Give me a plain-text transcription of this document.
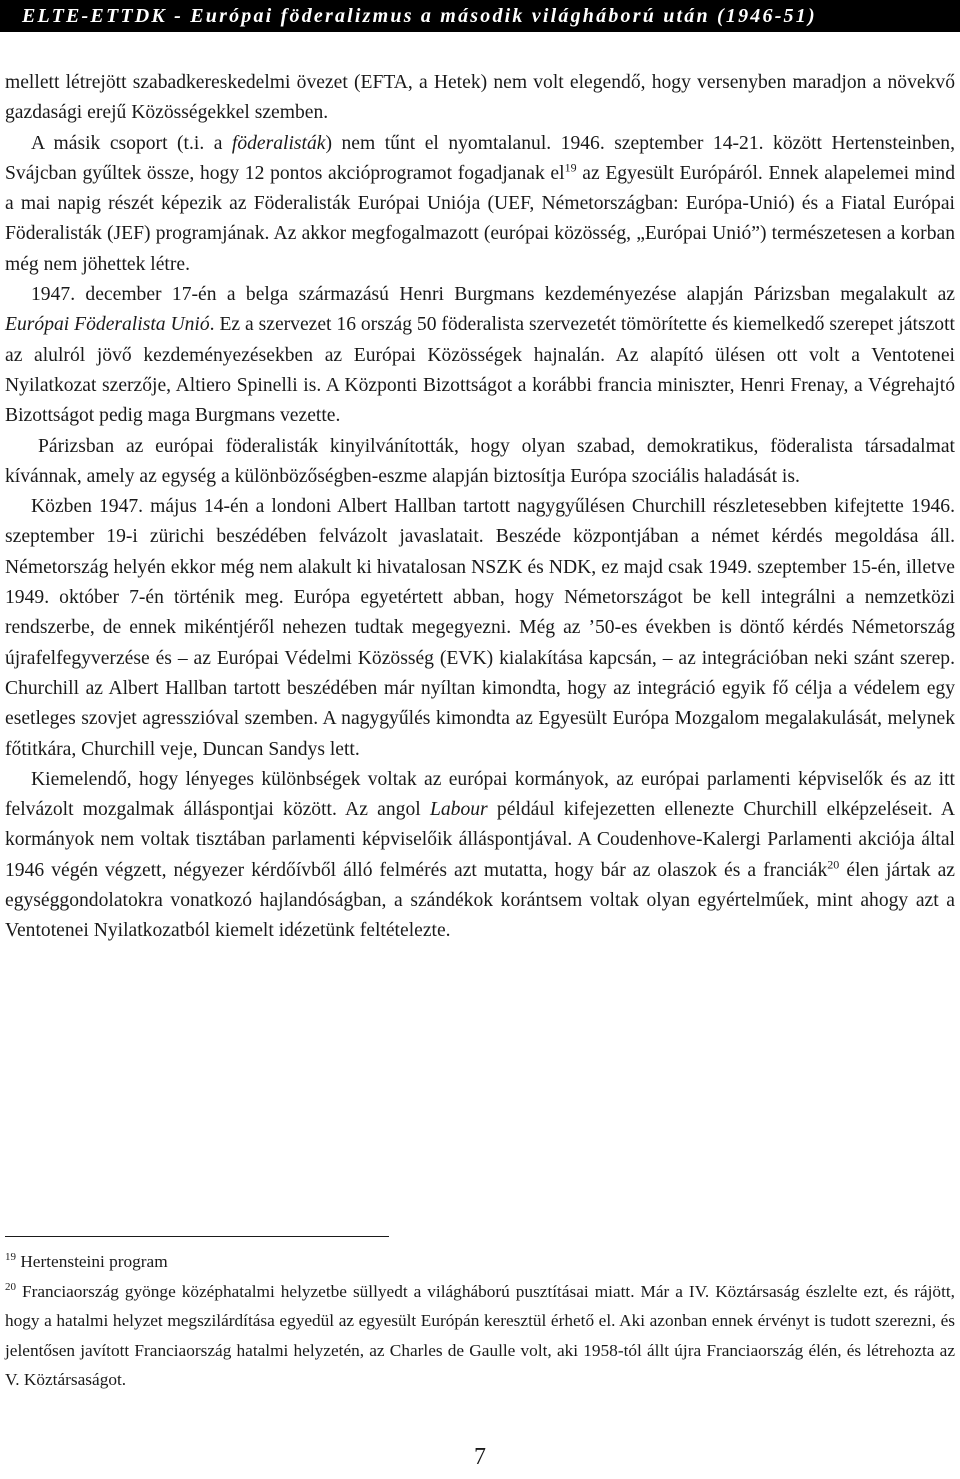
ELTE-ETTDK - Európai föderalizmus a második világháború után (1946-51)

mellett létrejött szabadkereskedelmi övezet (EFTA, a Hetek) nem volt elegendő, hogy versenyben maradjon a növekvő gazdasági erejű Közösségekkel szemben.

A másik csoport (t.i. a föderalisták) nem tűnt el nyomtalanul. 1946. szeptember 14-21. között Hertensteinben, Svájcban gyűltek össze, hogy 12 pontos akcióprogramot fogadjanak $el^{19}$ az Egyesült Európáról. Ennek alapelemei mind a mai napig részét képezik az Föderalisták Európai Uniója (UEF, Németországban: Európa-Unió) és a Fiatal Európai Föderalisták (JEF) programjának. Az akkor megfogalmazott (európai közösség, „Európai Unió”) természetesen a korban még nem jöhettek létre.

1947. december 17-én a belga származású Henri Burgmans kezdeményezése alapján Párizsban megalakult az Európai Föderalista Unió. Ez a szervezet 16 ország 50 föderalista szervezetét tömörítette és kiemelkedő szerepet játszott az alulról jövő kezdeményezésekben az Európai Közösségek hajnalán. Az alapító ülésen ott volt a Ventotenei Nyilatkozat szerzője, Altiero Spinelli is. A Központi Bizottságot a korábbi francia miniszter, Henri Frenay, a Végrehajtó Bizottságot pedig maga Burgmans vezette.

Párizsban az európai föderalisták kinyilvánították, hogy olyan szabad, demokratikus, föderalista társadalmat kívánnak, amely az egység a különbözőségben-eszme alapján biztosítja Európa szociális haladását is.

Közben 1947. május 14-én a londoni Albert Hallban tartott nagygyűlésen Churchill részletesebben kifejtette 1946. szeptember 19-i zürichi beszédében felvázolt javaslatait. Beszéde központjában a német kérdés megoldása áll. Németország helyén ekkor még nem alakult ki hivatalosan NSZK és NDK, ez majd csak 1949. szeptember 15-én, illetve 1949. október 7-én történik meg. Európa egyetértett abban, hogy Németországot be kell integrálni a nemzetközi rendszerbe, de ennek mikéntjéről nehezen tudtak megegyezni. Még az ’50-es években is döntő kérdés Németország újrafelfegyverzése és – az Európai Védelmi Közösség (EVK) kialakítása kapcsán, – az integrációban neki szánt szerep. Churchill az Albert Hallban tartott beszédében már nyíltan kimondta, hogy az integráció egyik fő célja a védelem egy esetleges szovjet agresszióval szemben. A nagygyűlés kimondta az Egyesült Európa Mozgalom megalakulását, melynek főtitkára, Churchill veje, Duncan Sandys lett.

Kiemelendő, hogy lényeges különbségek voltak az európai kormányok, az európai parlamenti képviselők és az itt felvázolt mozgalmak álláspontjai között. Az angol Labour például kifejezetten ellenezte Churchill elképzeléseit. A kormányok nem voltak tisztában parlamenti képviselőik álláspontjával. A Coudenhove-Kalergi Parlamenti akciója által 1946 végén végzett, négyezer kérdőívből álló felmérés azt mutatta, hogy bár az olaszok és a franciák$^{20}$ élen jártak az egységgondolatokra vonatkozó hajlandóságban, a szándékok korántsem voltak olyan egyértelműek, mint ahogy azt a Ventotenei Nyilatkozatból kiemelt idézetünk feltételezte.

$^{19}$ Hertensteini program

$^{20}$ Franciaország gyönge középhatalmi helyzetbe süllyedt a világháború pusztításai miatt. Már a IV. Köztársaság észlelte ezt, és rájött, hogy a hatalmi helyzet megszilárdítása egyedül az egyesült Európán keresztül érhető el. Aki azonban ennek érvényt is tudott szerezni, és jelentősen javított Franciaország hatalmi helyzetén, az Charles de Gaulle volt, aki 1958-tól állt újra Franciaország élén, és létrehozta az V. Köztársaságot.

7
